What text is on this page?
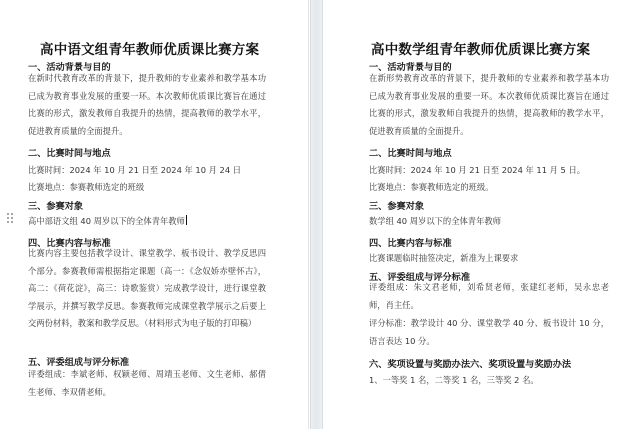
高中语文组青年教师优质课比赛方案
一、活动背景与目的

在新时代教育改革的背景下，提升教师的专业素养和教学基本功已成为教育事业发展的重要一环。本次教师优质课比赛旨在通过比赛的形式，激发教师自我提升的热情，提高教师的教学水平，促进教育质量的全面提升。

二、比赛时间与地点
比赛时间：2024 年 10 月 21 日至 2024 年 10 月 24 日
比赛地点：参赛教师选定的班级
三、参赛对象
高中部语文组 40 周岁以下的全体青年教师
四、比赛内容与标准

比赛内容主要包括教学设计、课堂教学、板书设计、教学反思四个部分。参赛教师需根据指定课题（高一：《念奴娇赤壁怀古》，高二：《荷花淀》，高三：诗歌鉴赏）完成教学设计，进行课堂教学展示，并撰写教学反思。参赛教师完成课堂教学展示之后要上交两份材料，教案和教学反思。（材料形式为电子版的打印稿）

五、评委组成与评分标准

评委组成：李斌老师、权颖老师、周靖玉老师、文生老师、郝倩生老师、李双倩老师。

高中数学组青年教师优质课比赛方案
一、活动背景与目的

在新形势教育改革的背景下，提升教师的专业素养和教学基本功已成为教育事业发展的重要一环。本次教师优质课比赛旨在通过比赛的形式，激发教师自我提升的热情，提高教师的教学水平，促进教育质量的全面提升。

二、比赛时间与地点
比赛时间：2024 年 10 月 21 日至 2024 年 11 月 5 日。
比赛地点：参赛教师选定的班级。
三、参赛对象
数学组 40 周岁以下的全体青年教师
四、比赛内容与标准
比赛课题临时抽签决定，新准为上课要求
五、评委组成与评分标准

评委组成：朱文君老师，刘希贤老师，张建红老师，吴永忠老师，肖主任。

评分标准：教学设计 40 分、课堂教学 40 分、板书设计 10 分，语言表达 10 分。

六、奖项设置与奖励办法六、奖项设置与奖励办法
1、一等奖 1 名，二等奖 1 名，三等奖 2 名。
